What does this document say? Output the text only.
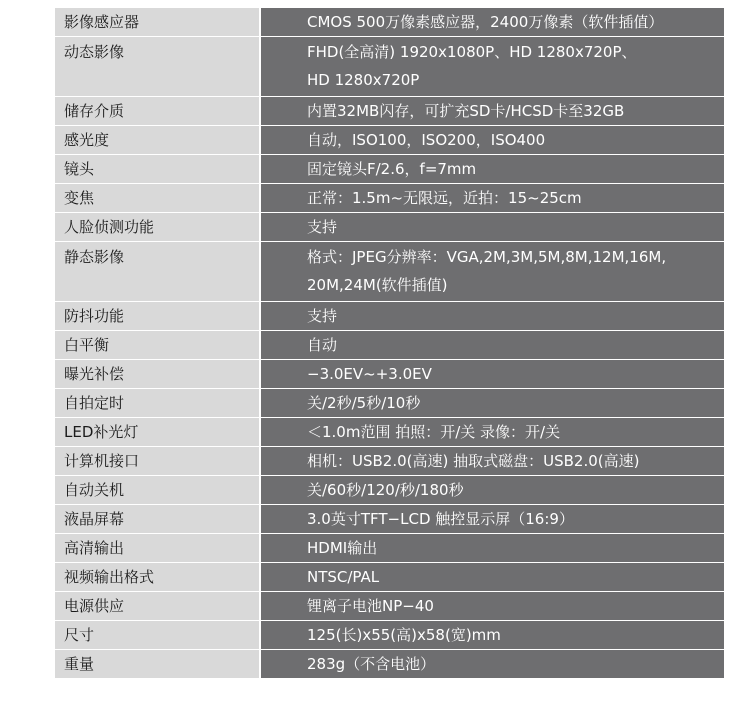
影像感应器	CMOS 500万像素感应器，2400万像素（软件插值）
动态影像	FHD(全高清) 1920x1080P、HD 1280x720P、
HD 1280x720P
储存介质	内置32MB闪存，可扩充SD卡/HCSD卡至32GB
感光度	自动，ISO100，ISO200，ISO400
镜头	固定镜头F/2.6，f=7mm
变焦	正常：1.5m~无限远，近拍：15~25cm
人脸侦测功能	支持
静态影像	格式：JPEG分辨率：VGA,2M,3M,5M,8M,12M,16M,
20M,24M(软件插值)
防抖功能	支持
白平衡	自动
曝光补偿	−3.0EV~+3.0EV
自拍定时	关/2秒/5秒/10秒
LED补光灯	＜1.0m范围 拍照：开/关 录像：开/关
计算机接口	相机：USB2.0(高速) 抽取式磁盘：USB2.0(高速)
自动关机	关/60秒/120/秒/180秒
液晶屏幕	3.0英寸TFT−LCD 触控显示屏（16:9）
高清输出	HDMI输出
视频输出格式	NTSC/PAL
电源供应	锂离子电池NP−40
尺寸	125(长)x55(高)x58(宽)mm
重量	283g（不含电池）
